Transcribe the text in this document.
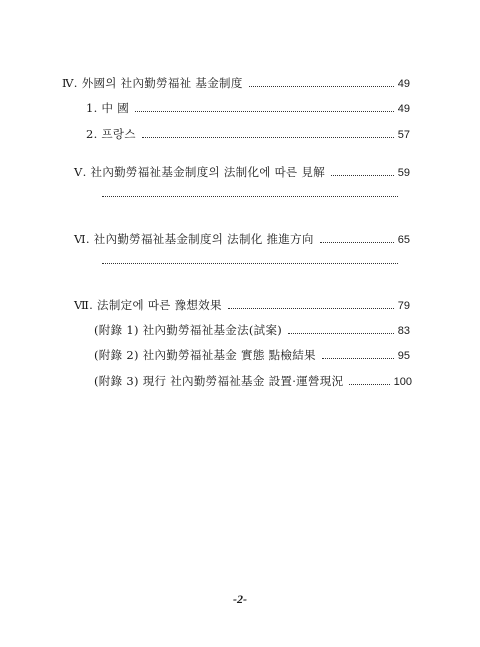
Ⅳ. 外國의 社內勤勞福祉 基金制度	49
1. 中 國	49
2. 프랑스	57
Ⅴ. 社內勤勞福祉基金制度의 法制化에 따른 見解	59
Ⅵ. 社內勤勞福祉基金制度의 法制化 推進方向	65
Ⅶ. 法制定에 따른 豫想效果	79
(附錄 1) 社內勤勞福祉基金法(試案)	83
(附錄 2) 社內勤勞福祉基金 實態 點檢結果	95
(附錄 3) 現行 社內勤勞福祉基金 設置·運營現況	100
-2-
